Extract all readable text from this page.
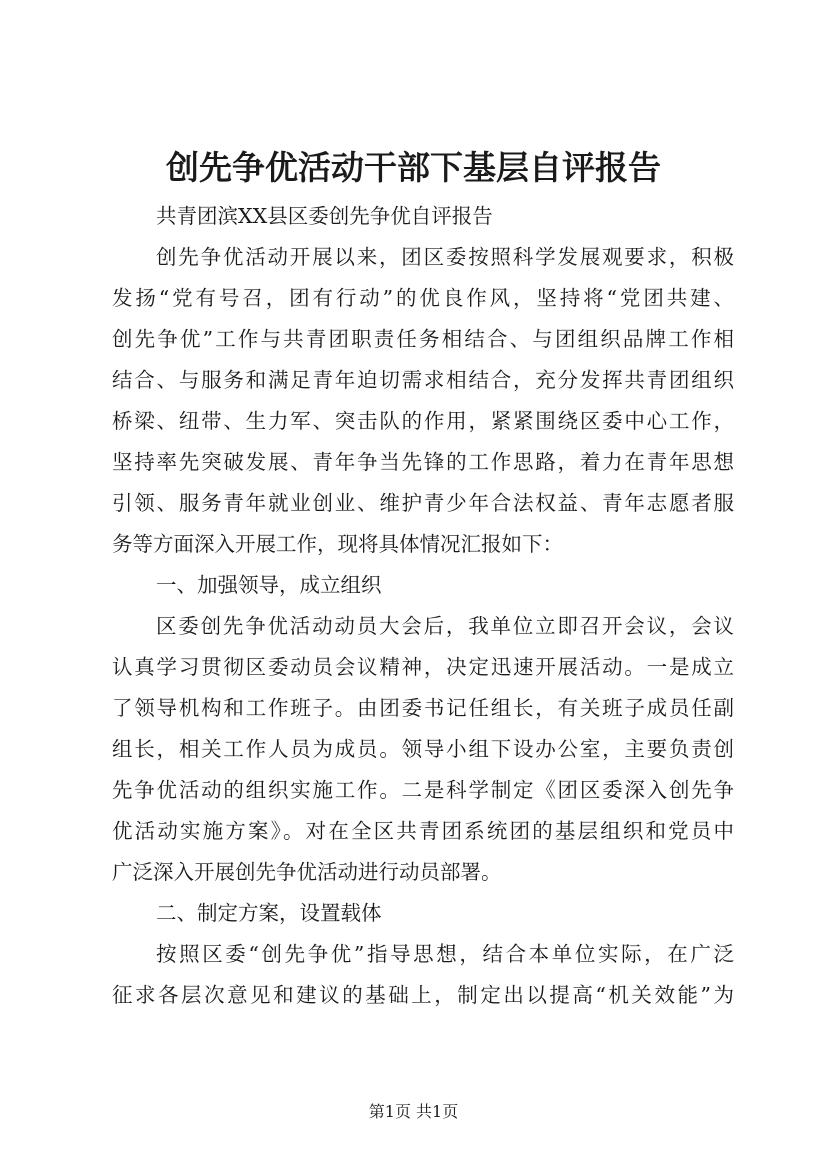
创先争优活动干部下基层自评报告
共青团滨XX县区委创先争优自评报告
创先争优活动开展以来，团区委按照科学发展观要求，积极
发扬“党有号召，团有行动”的优良作风，坚持将“党团共建、
创先争优”工作与共青团职责任务相结合、与团组织品牌工作相
结合、与服务和满足青年迫切需求相结合，充分发挥共青团组织
桥梁、纽带、生力军、突击队的作用，紧紧围绕区委中心工作，
坚持率先突破发展、青年争当先锋的工作思路，着力在青年思想
引领、服务青年就业创业、维护青少年合法权益、青年志愿者服
务等方面深入开展工作，现将具体情况汇报如下：
一、加强领导，成立组织
区委创先争优活动动员大会后，我单位立即召开会议，会议
认真学习贯彻区委动员会议精神，决定迅速开展活动。一是成立
了领导机构和工作班子。由团委书记任组长，有关班子成员任副
组长，相关工作人员为成员。领导小组下设办公室，主要负责创
先争优活动的组织实施工作。二是科学制定《团区委深入创先争
优活动实施方案》。对在全区共青团系统团的基层组织和党员中
广泛深入开展创先争优活动进行动员部署。
二、制定方案，设置载体
按照区委“创先争优”指导思想，结合本单位实际，在广泛
征求各层次意见和建议的基础上，制定出以提高“机关效能”为
第1页 共1页
